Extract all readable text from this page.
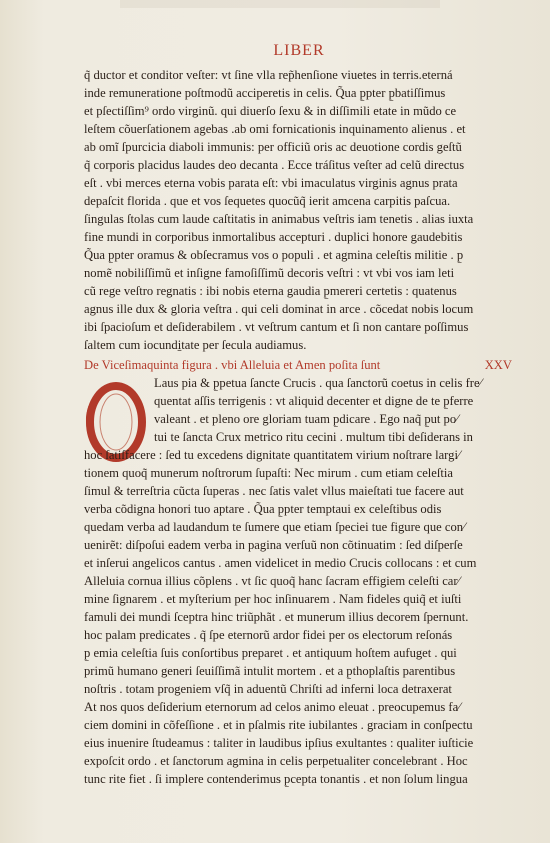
LIBER
q̃ ductor et conditor veſter: vt ſine vlla rep̃henſione viuetes in terris.eterná
inde remuneratione poſtmodũ acciperetis in celis. Q̃ua p̱pter p̱batiſſimus
et pſectiſſim⁹ ordo virginũ. qui diuerſo ſexu & in diſſimili etate in mũdo ce
leſtem cõuerſationem agebas .ab omi fornicationis inquinamento alienus . et
ab omĩ ſpurcicia diaboli immunis: per officiũ oris ac deuotione cordis geſtũ
q̃ corporis placidus laudes deo decanta . Ecce tráſitus veſter ad celũ directus
eſt . vbi merces eterna vobis parata eſt: vbi imaculatus virginis agnus prata
depaſcit florida . que et vos ſequetes quocũq̃ ierit amcena carpitis paſcua.
ſingulas ſtolas cum laude caſtitatis in animabus veſtris iam tenetis . alias iuxta
fine mundi in corporibus inmortalibus accepturi . duplici honore gaudebitis
Q̃ua p̱pter oramus & obſecramus vos o populi . et agmina celeſtis militie . p̱
nomẽ nobiliſſimũ et inſigne famoſiſſimũ decoris veſtri : vt vbi vos iam leti
cũ rege veſtro regnatis : ibi nobis eterna gaudia p̱mereri certetis : quatenus
agnus ille dux & gloria veſtra . qui celi dominat in arce . cõcedat nobis locum
ibi ſpacioſum et deſiderabilem . vt veſtrum cantum et ſi non cantare poſſimus
ſaltem cum iocundi̱tate per ſecula audiamus.
De Viceſimaquinta figura . vbi Alleluia et Amen poſita ſunt	XXV
Laus pia & p̱petua ſancte Crucis . qua ſanctorũ coetus in celis fre⁄
quentat aſſis terrigenis : vt aliquid decenter et digne de te p̱ferre
valeant . et pleno ore gloriam tuam p̱dicare . Ego naq̃ p̱ut po⁄
tui te ſancta Crux metrico ritu cecini . multum tibi deſiderans in
hoc ſatiſfacere : ſed tu excedens dignitate quantitatem virium noſtrare largi⁄
tionem quoq̃ munerum noſtrorum ſupaſti: Nec mirum . cum etiam celeſtia
ſimul & terreſtria cũcta ſuperas . nec ſatis valet vllus maieſtati tue facere aut
verba cõdigna honori tuo aptare . Q̃ua p̱pter temptaui ex celeſtibus odis
quedam verba ad laudandum te ſumere que etiam ſpeciei tue figure que con⁄
uenirẽt: diſpoſui eadem verba in pagina verſuũ non cõtinuatim : ſed diſperſe
et inſerui angelicos cantus . amen videlicet in medio Crucis collocans : et cum
Alleluia cornua illius cõplens . vt ſic quoq̃ hanc ſacram effigiem celeſti car⁄
mine ſignarem . et myſterium per hoc inſinuarem . Nam fideles quiq̃ et iuſti
famuli dei mundi ſceptra hinc triũphãt . et munerum illius decorem ſpernunt.
hoc palam predicates . q̃ ſpe eternorũ ardor fidei per os electorum reſonás
p̱ emia celeſtia ſuis conſortibus preparet . et antiquum hoſtem aufuget . qui
primũ humano generi ſeuiſſimã intulit mortem . et a p̱thoplaſtis parentibus
noſtris . totam progeniem vſq̃ in aduentũ Chriſti ad inferni loca detraxerat
At nos quos deſiderium eternorum ad celos animo eleuat . preocupemus fa⁄
ciem domini in cõfeſſione . et in pſalmis rite iubilantes . graciam in conſpectu
eius inuenire ſtudeamus : taliter in laudibus ipſius exultantes : qualiter iuſticie
expoſcit ordo . et ſanctorum agmina in celis perpetualiter concelebrant . Hoc
tunc rite fiet . ſi implere contenderimus p̱cepta tonantis . et non ſolum lingua
